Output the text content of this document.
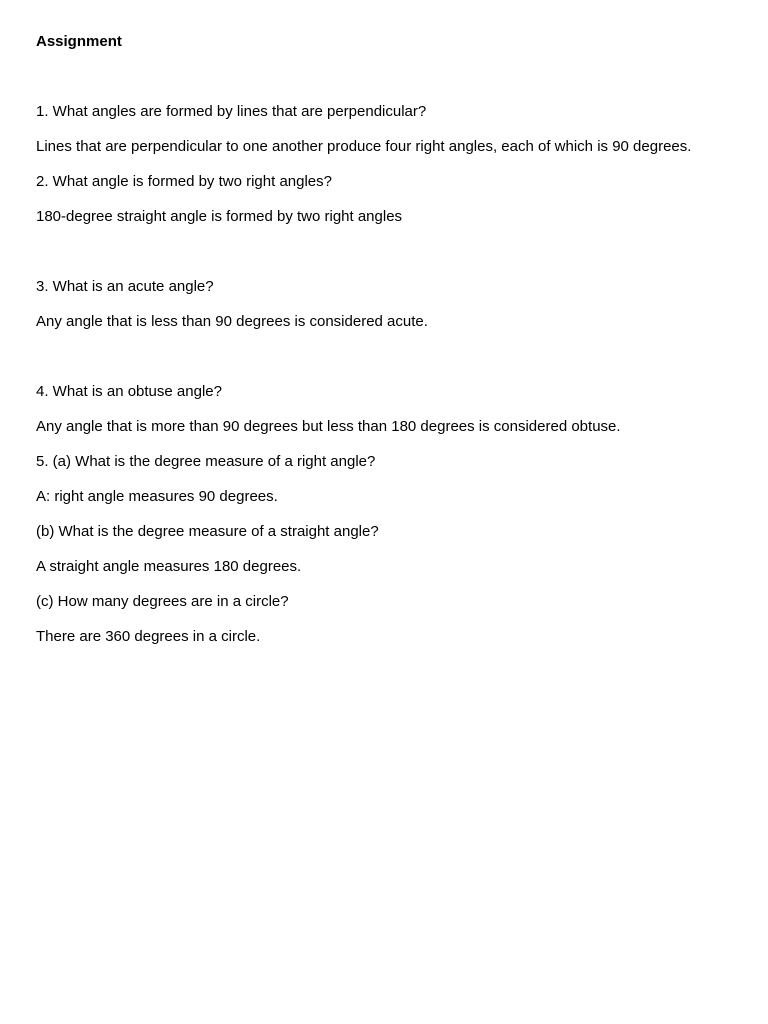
Assignment
1. What angles are formed by lines that are perpendicular?
Lines that are perpendicular to one another produce four right angles, each of which is 90 degrees.
2. What angle is formed by two right angles?
180-degree straight angle is formed by two right angles
3. What is an acute angle?
Any angle that is less than 90 degrees is considered acute.
4. What is an obtuse angle?
Any angle that is more than 90 degrees but less than 180 degrees is considered obtuse.
5. (a) What is the degree measure of a right angle?
A: right angle measures 90 degrees.
(b) What is the degree measure of a straight angle?
A straight angle measures 180 degrees.
(c) How many degrees are in a circle?
There are 360 degrees in a circle.
